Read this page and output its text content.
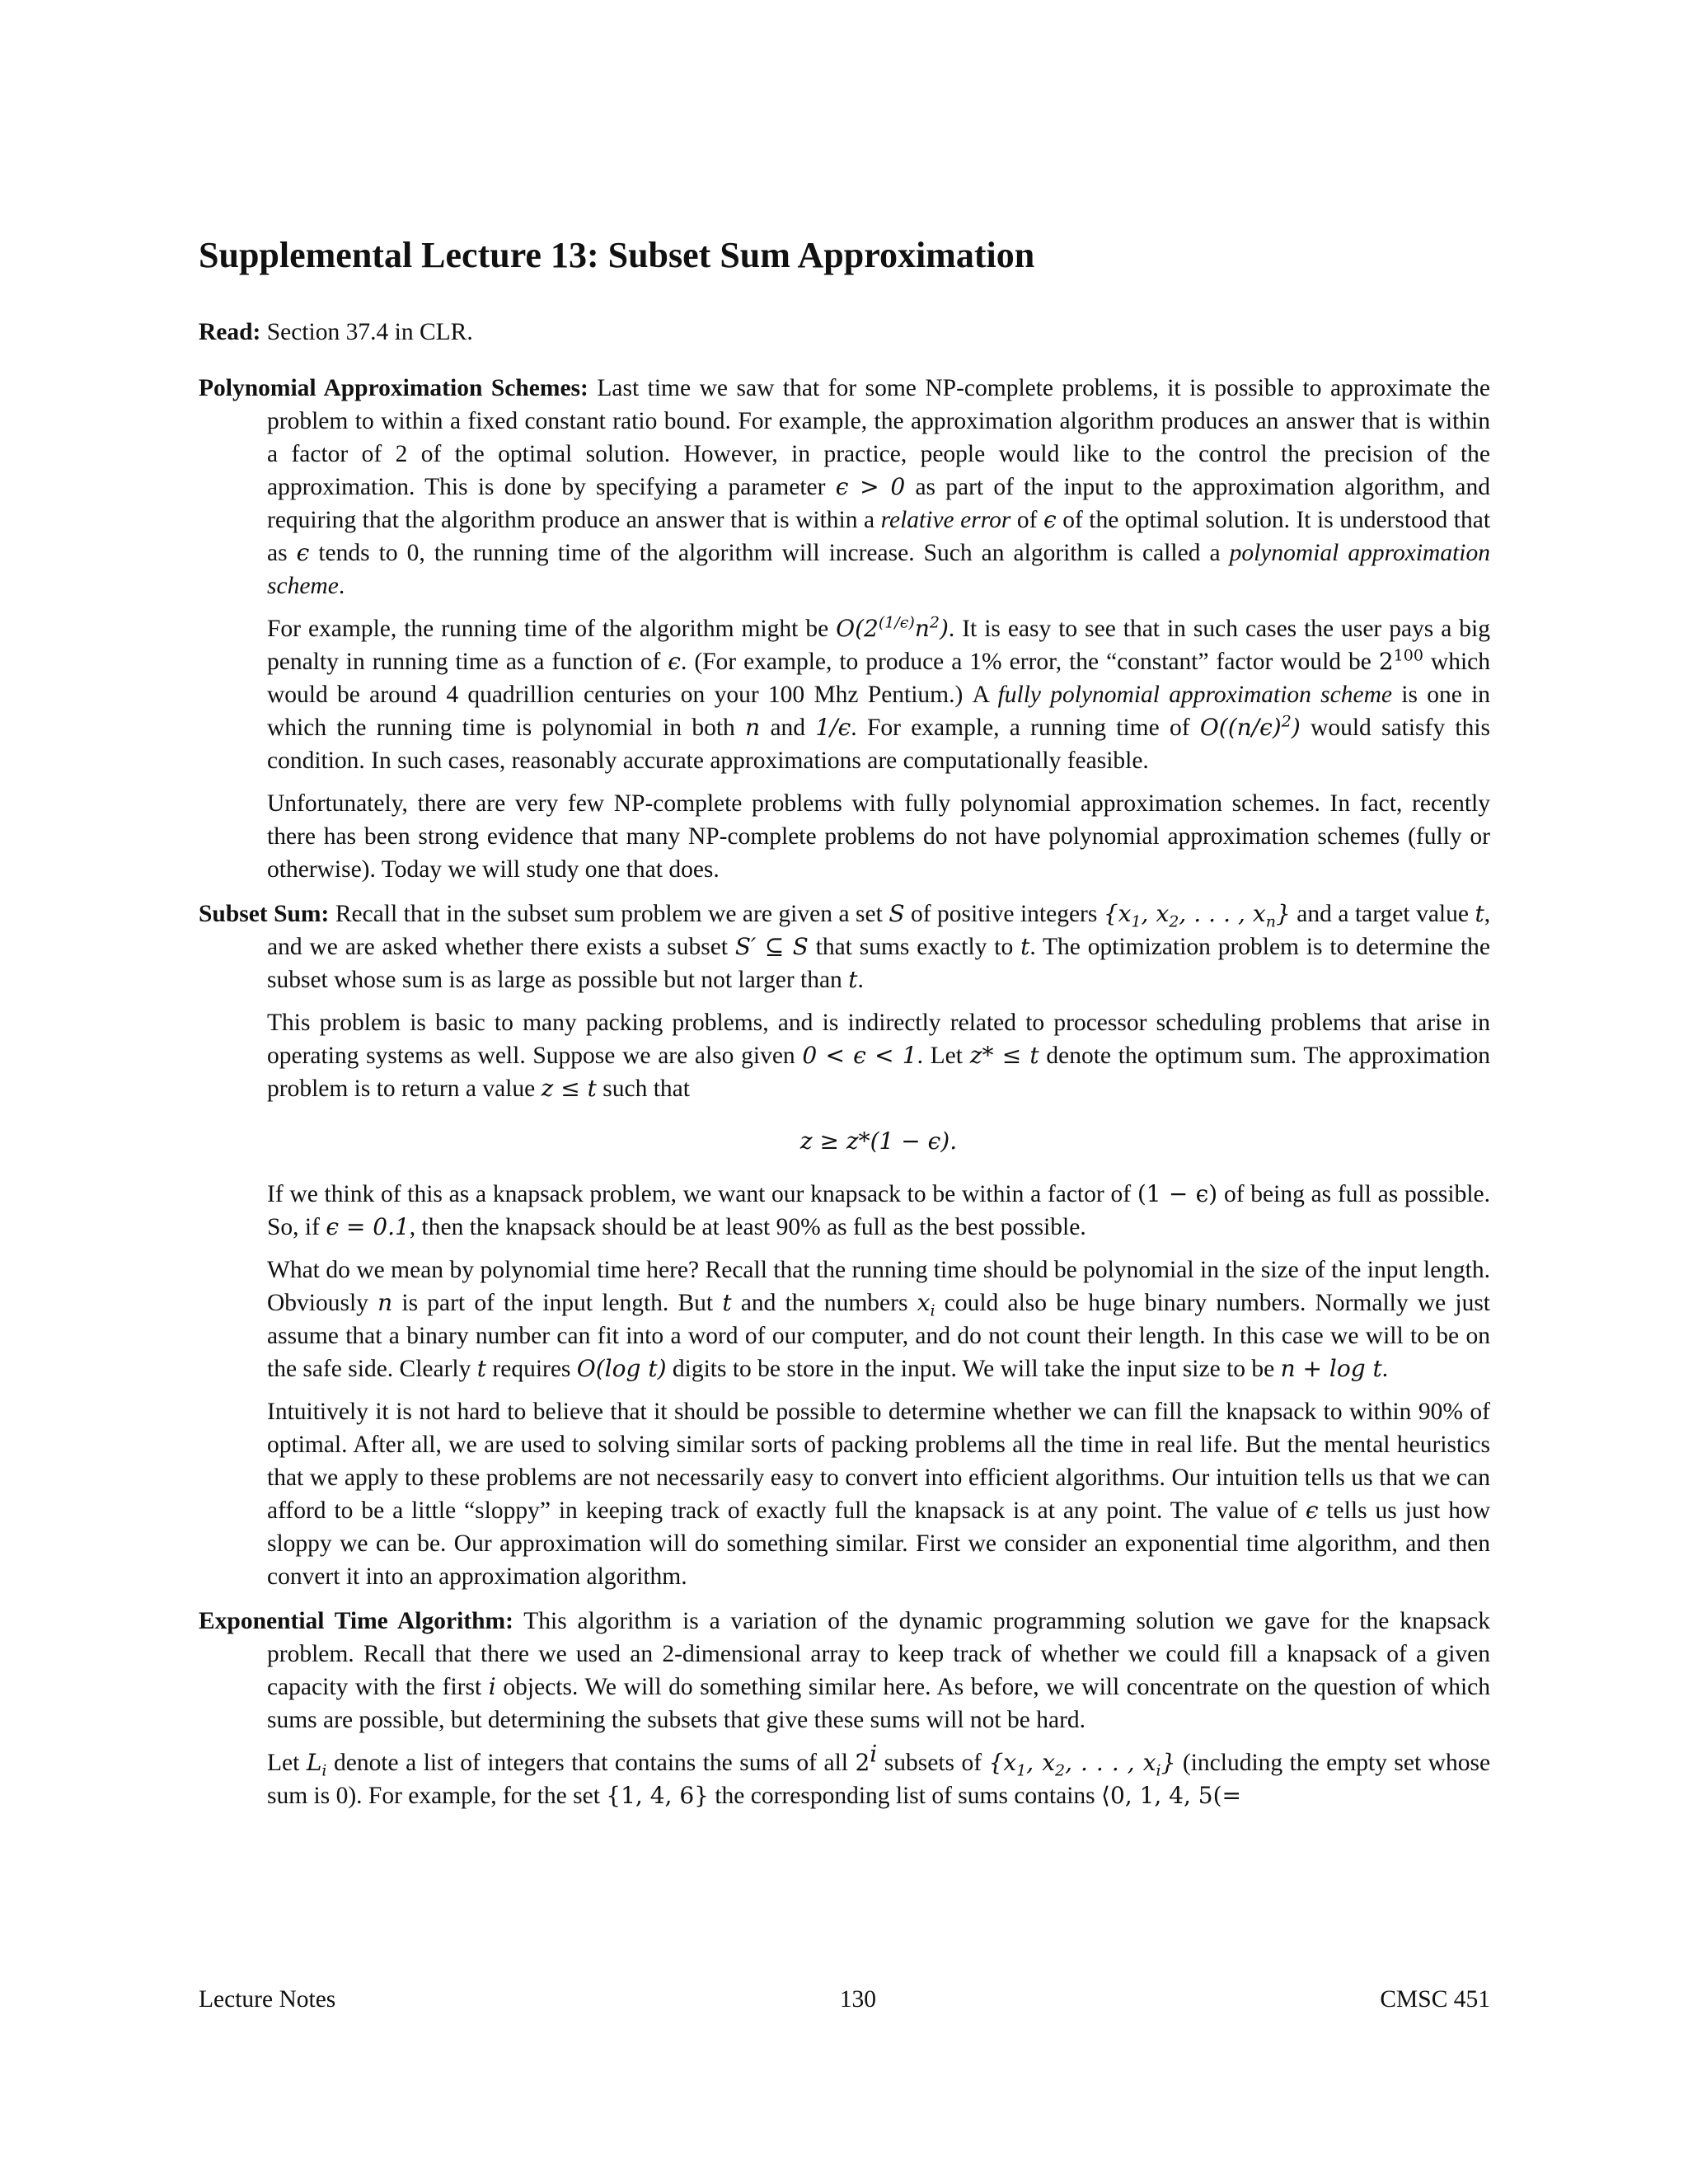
Supplemental Lecture 13: Subset Sum Approximation

Read: Section 37.4 in CLR.

Polynomial Approximation Schemes: Last time we saw that for some NP-complete problems, it is possible to approximate the problem to within a fixed constant ratio bound. For example, the approximation algorithm produces an answer that is within a factor of 2 of the optimal solution. However, in practice, people would like to the control the precision of the approximation. This is done by specifying a parameter ϵ > 0 as part of the input to the approximation algorithm, and requiring that the algorithm produce an answer that is within a relative error of ϵ of the optimal solution. It is understood that as ϵ tends to 0, the running time of the algorithm will increase. Such an algorithm is called a polynomial approximation scheme.

For example, the running time of the algorithm might be $O(2^{(1/\epsilon)}n^2)$. It is easy to see that in such cases the user pays a big penalty in running time as a function of ϵ. (For example, to produce a 1% error, the “constant” factor would be $2^{100}$ which would be around 4 quadrillion centuries on your 100 Mhz Pentium.) A fully polynomial approximation scheme is one in which the running time is polynomial in both n and 1/ϵ. For example, a running time of $O((n/\epsilon)^2)$ would satisfy this condition. In such cases, reasonably accurate approximations are computationally feasible.

Unfortunately, there are very few NP-complete problems with fully polynomial approximation schemes. In fact, recently there has been strong evidence that many NP-complete problems do not have polynomial approximation schemes (fully or otherwise). Today we will study one that does.

Subset Sum: Recall that in the subset sum problem we are given a set S of positive integers {$x_1$, $x_2$, . . . , $x_n$} and a target value t, and we are asked whether there exists a subset S′ ⊆ S that sums exactly to t. The optimization problem is to determine the subset whose sum is as large as possible but not larger than t.

This problem is basic to many packing problems, and is indirectly related to processor scheduling problems that arise in operating systems as well. Suppose we are also given 0 < ϵ < 1. Let z* ≤ t denote the optimum sum. The approximation problem is to return a value z ≤ t such that

z ≥ z*(1 − ϵ).

If we think of this as a knapsack problem, we want our knapsack to be within a factor of (1 − ϵ) of being as full as possible. So, if ϵ = 0.1, then the knapsack should be at least 90% as full as the best possible.

What do we mean by polynomial time here? Recall that the running time should be polynomial in the size of the input length. Obviously n is part of the input length. But t and the numbers $x_i$ could also be huge binary numbers. Normally we just assume that a binary number can fit into a word of our computer, and do not count their length. In this case we will to be on the safe side. Clearly t requires O(log t) digits to be store in the input. We will take the input size to be n + log t.

Intuitively it is not hard to believe that it should be possible to determine whether we can fill the knapsack to within 90% of optimal. After all, we are used to solving similar sorts of packing problems all the time in real life. But the mental heuristics that we apply to these problems are not necessarily easy to convert into efficient algorithms. Our intuition tells us that we can afford to be a little “sloppy” in keeping track of exactly full the knapsack is at any point. The value of ϵ tells us just how sloppy we can be. Our approximation will do something similar. First we consider an exponential time algorithm, and then convert it into an approximation algorithm.

Exponential Time Algorithm: This algorithm is a variation of the dynamic programming solution we gave for the knapsack problem. Recall that there we used an 2-dimensional array to keep track of whether we could fill a knapsack of a given capacity with the first i objects. We will do something similar here. As before, we will concentrate on the question of which sums are possible, but determining the subsets that give these sums will not be hard.

Let $L_i$ denote a list of integers that contains the sums of all 2$^i$ subsets of {$x_1$, $x_2$, . . . , $x_i$} (including the empty set whose sum is 0). For example, for the set {1, 4, 6} the corresponding list of sums contains ⟨0, 1, 4, 5(=

Lecture Notes	130	CMSC 451
